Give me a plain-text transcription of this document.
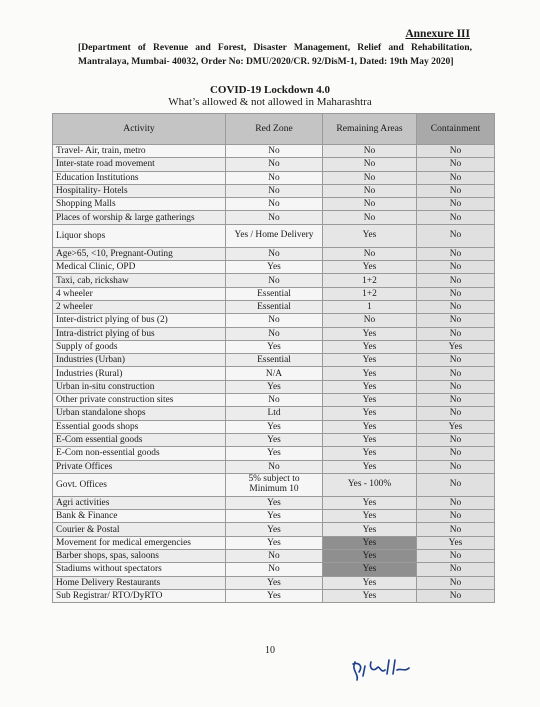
Annexure III
[Department of Revenue and Forest, Disaster Management, Relief and Rehabilitation, Mantralaya, Mumbai- 40032, Order No: DMU/2020/CR. 92/DisM-1, Dated: 19th May 2020]
COVID-19 Lockdown 4.0
What’s allowed & not allowed in Maharashtra
Activity	Red Zone	Remaining Areas	Containment
Travel- Air, train, metro	No	No	No
Inter-state road movement	No	No	No
Education Institutions	No	No	No
Hospitality- Hotels	No	No	No
Shopping Malls	No	No	No
Places of worship & large gatherings	No	No	No
Liquor shops	Yes / Home Delivery	Yes	No
Age>65, <10, Pregnant-Outing	No	No	No
Medical Clinic, OPD	Yes	Yes	No
Taxi, cab, rickshaw	No	1+2	No
4 wheeler	Essential	1+2	No
2 wheeler	Essential	1	No
Inter-district plying of bus (2)	No	No	No
Intra-district plying of bus	No	Yes	No
Supply of goods	Yes	Yes	Yes
Industries (Urban)	Essential	Yes	No
Industries (Rural)	N/A	Yes	No
Urban in-situ construction	Yes	Yes	No
Other private construction sites	No	Yes	No
Urban standalone shops	Ltd	Yes	No
Essential goods shops	Yes	Yes	Yes
E-Com essential goods	Yes	Yes	No
E-Com non-essential goods	Yes	Yes	No
Private Offices	No	Yes	No
Govt. Offices	5% subject to Minimum 10	Yes - 100%	No
Agri activities	Yes	Yes	No
Bank & Finance	Yes	Yes	No
Courier & Postal	Yes	Yes	No
Movement for medical emergencies	Yes	Yes	Yes
Barber shops, spas, saloons	No	Yes	No
Stadiums without spectators	No	Yes	No
Home Delivery Restaurants	Yes	Yes	No
Sub Registrar/ RTO/DyRTO	Yes	Yes	No
10
